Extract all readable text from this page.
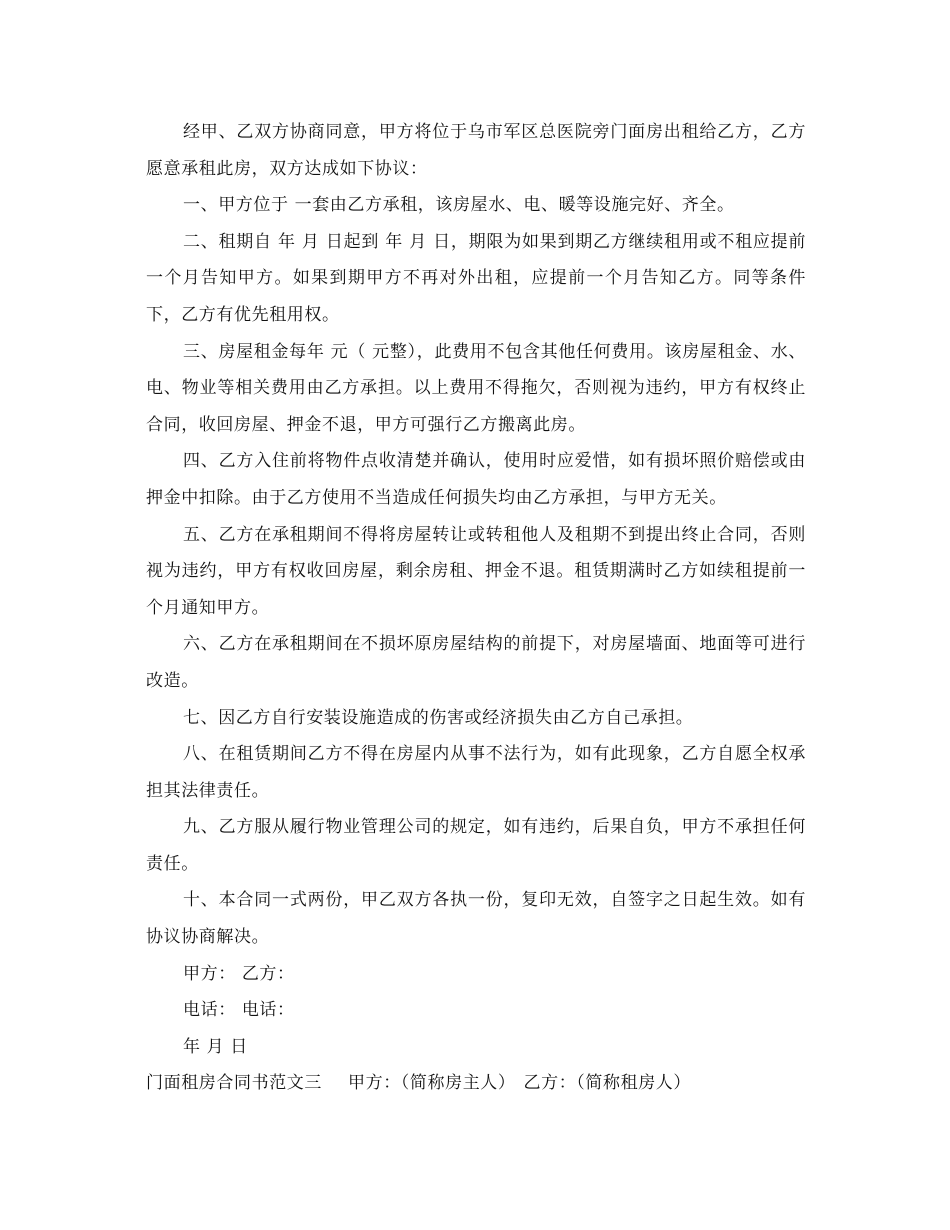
经甲、乙双方协商同意，甲方将位于乌市军区总医院旁门面房出租给乙方，乙方愿意承租此房，双方达成如下协议：

一、甲方位于 一套由乙方承租，该房屋水、电、暖等设施完好、齐全。

二、租期自 年 月 日起到 年 月 日，期限为如果到期乙方继续租用或不租应提前一个月告知甲方。如果到期甲方不再对外出租，应提前一个月告知乙方。同等条件下，乙方有优先租用权。

三、房屋租金每年 元（ 元整），此费用不包含其他任何费用。该房屋租金、水、电、物业等相关费用由乙方承担。以上费用不得拖欠，否则视为违约，甲方有权终止合同，收回房屋、押金不退，甲方可强行乙方搬离此房。

四、乙方入住前将物件点收清楚并确认，使用时应爱惜，如有损坏照价赔偿或由押金中扣除。由于乙方使用不当造成任何损失均由乙方承担，与甲方无关。

五、乙方在承租期间不得将房屋转让或转租他人及租期不到提出终止合同，否则视为违约，甲方有权收回房屋，剩余房租、押金不退。租赁期满时乙方如续租提前一个月通知甲方。

六、乙方在承租期间在不损坏原房屋结构的前提下，对房屋墙面、地面等可进行改造。

七、因乙方自行安装设施造成的伤害或经济损失由乙方自己承担。

八、在租赁期间乙方不得在房屋内从事不法行为，如有此现象，乙方自愿全权承担其法律责任。

九、乙方服从履行物业管理公司的规定，如有违约，后果自负，甲方不承担任何责任。

十、本合同一式两份，甲乙双方各执一份，复印无效，自签字之日起生效。如有协议协商解决。

甲方： 乙方：

电话： 电话：

年 月 日

门面租房合同书范文三 甲方：（简称房主人） 乙方：（简称租房人）
